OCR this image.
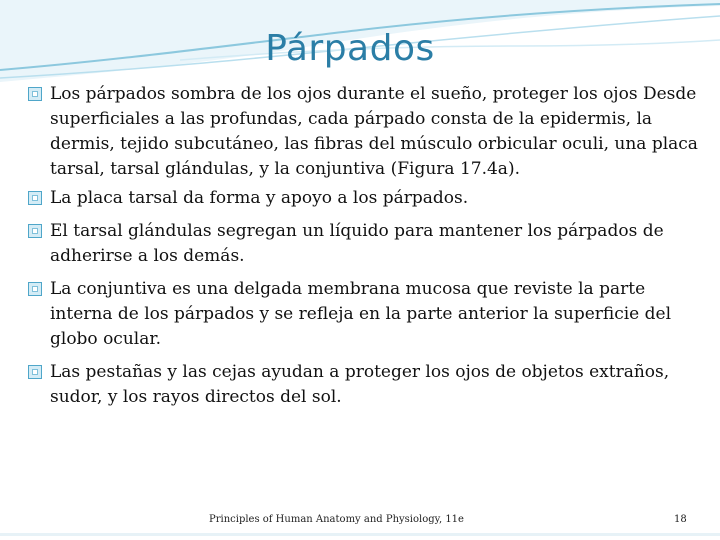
Párpados
Los párpados sombra de los ojos durante el sueño, proteger los ojos Desde superficiales a las profundas, cada párpado consta de la epidermis, la dermis, tejido subcutáneo, las fibras del músculo orbicular oculi, una placa tarsal, tarsal glándulas, y la conjuntiva (Figura 17.4a).
La placa tarsal da forma y apoyo a los párpados.
El tarsal glándulas segregan un líquido para mantener los párpados de adherirse a los demás.
La conjuntiva es una delgada membrana mucosa que reviste la parte interna de los párpados y se refleja en la parte anterior la superficie del globo ocular.
Las pestañas y las cejas ayudan a proteger los ojos de objetos extraños, sudor, y los rayos directos del sol.
Principles of Human Anatomy and Physiology, 11e	18
